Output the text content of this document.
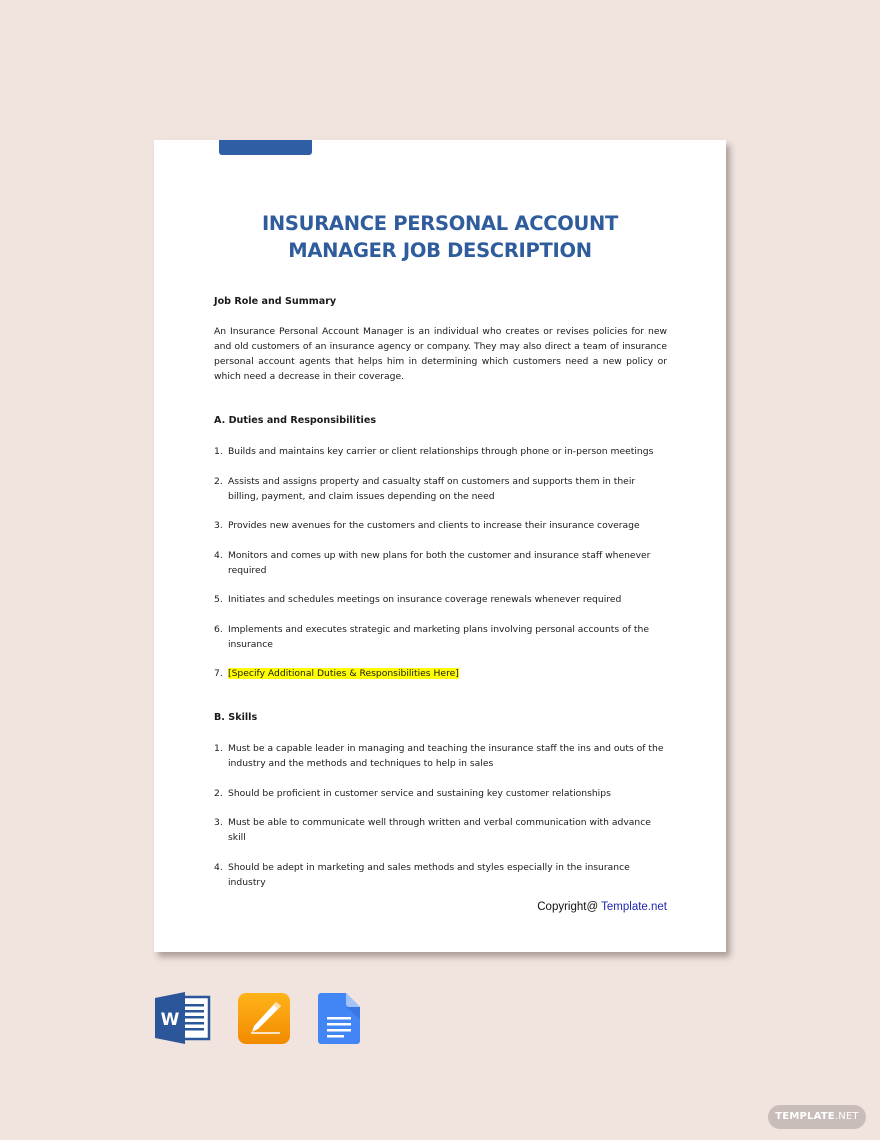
INSURANCE PERSONAL ACCOUNT
MANAGER JOB DESCRIPTION

Job Role and Summary

An Insurance Personal Account Manager is an individual who creates or revises policies for new and old customers of an insurance agency or company. They may also direct a team of insurance personal account agents that helps him in determining which customers need a new policy or which need a decrease in their coverage.

A. Duties and Responsibilities

1. Builds and maintains key carrier or client relationships through phone or in-person meetings
2. Assists and assigns property and casualty staff on customers and supports them in their billing, payment, and claim issues depending on the need
3. Provides new avenues for the customers and clients to increase their insurance coverage
4. Monitors and comes up with new plans for both the customer and insurance staff whenever required
5. Initiates and schedules meetings on insurance coverage renewals whenever required
6. Implements and executes strategic and marketing plans involving personal accounts of the insurance
7. [Specify Additional Duties & Responsibilities Here]

B. Skills

1. Must be a capable leader in managing and teaching the insurance staff the ins and outs of the industry and the methods and techniques to help in sales
2. Should be proficient in customer service and sustaining key customer relationships
3. Must be able to communicate well through written and verbal communication with advance skill
4. Should be adept in marketing and sales methods and styles especially in the insurance industry
Copyright@ Template.net
W
TEMPLATE.NET
